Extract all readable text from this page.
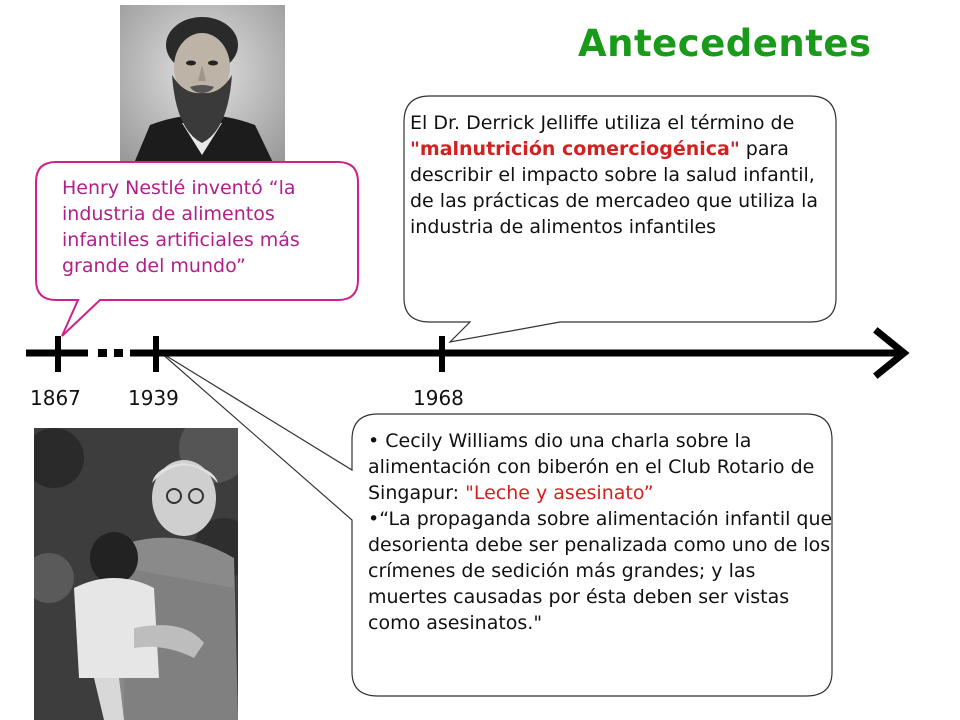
Antecedentes
1867 1939	1968
Henry Nestlé inventó “la industria de alimentos infantiles artificiales más grande del mundo”
El Dr. Derrick Jelliffe utiliza el término de "malnutrición comerciogénica" para describir el impacto sobre la salud infantil, de las prácticas de mercadeo que utiliza la industria de alimentos infantiles
• Cecily Williams dio una charla sobre la alimentación con biberón en el Club Rotario de Singapur: "Leche y asesinato”
•“La propaganda sobre alimentación infantil que desorienta debe ser penalizada como uno de los crímenes de sedición más grandes; y las muertes causadas por ésta deben ser vistas como asesinatos."
